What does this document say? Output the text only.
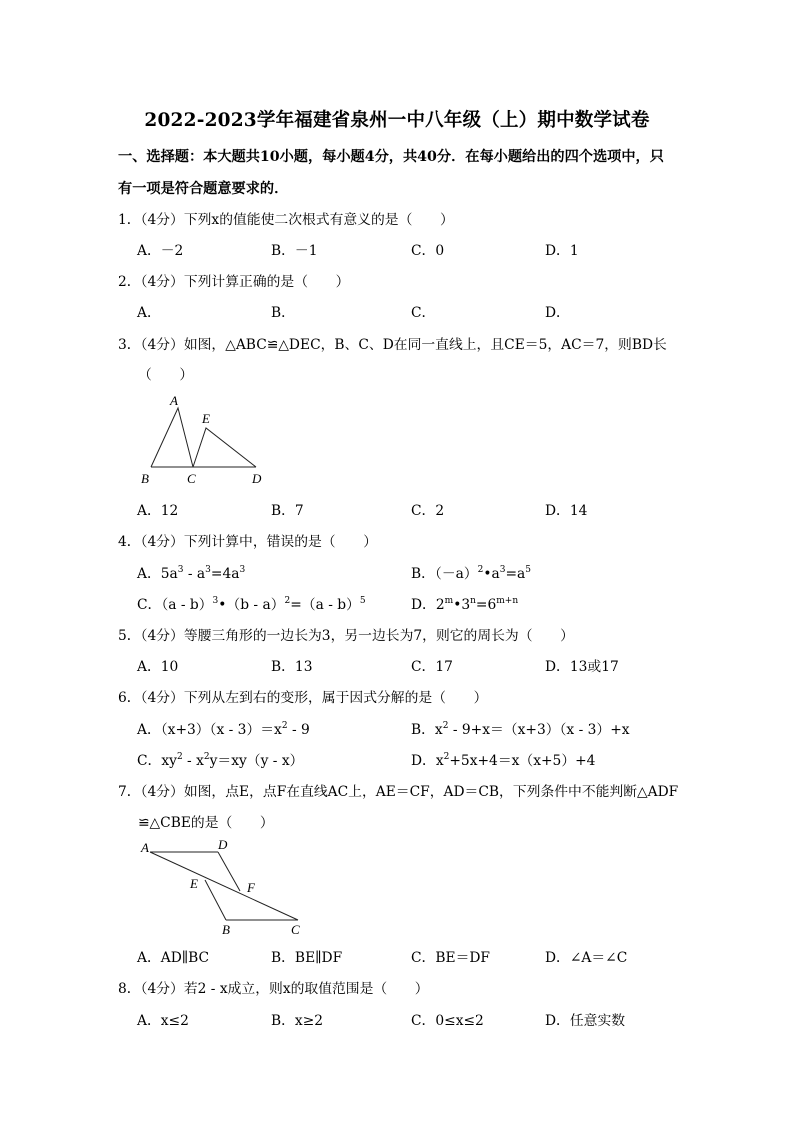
2022-2023学年福建省泉州一中八年级（上）期中数学试卷
一、选择题：本大题共10小题，每小题4分，共40分．在每小题给出的四个选项中，只
有一项是符合题意要求的．
1．（4分）下列x的值能使二次根式有意义的是（　　）
A．－2	B．－1	C．0	D．1
2．（4分）下列计算正确的是（　　）
A．	B．	C．	D．
3．（4分）如图，△ABC≌△DEC，B、C、D在同一直线上，且CE＝5，AC＝7，则BD长
（　　）
A
E
B	C	D
A．12	B．7	C．2	D．14
4．（4分）下列计算中，错误的是（　　）
A．$5a^3 - a^3=4a^3$	B．$(-a)^2•a^3=a^5$
C．（a - b）$^3$•（b - a）$^2$=（a - b）$^5$	D．$2^m•3^n=6^{m+n}$
5．（4分）等腰三角形的一边长为3，另一边长为7，则它的周长为（　　）
A．10	B．13	C．17	D．13或17
6．（4分）下列从左到右的变形，属于因式分解的是（　　）
A．$(x+3)(x - 3)=x^2 - 9$	B．$x^2 - 9+x=(x+3)(x - 3)+x$
C．$xy^2 - x^2y=xy(y - x)$	D．$x^2+5x+4=x(x+5)+4$
7．（4分）如图，点E，点F在直线AC上，AE＝CF，AD＝CB，下列条件中不能判断△ADF
≌△CBE的是（　　）
A	D
E	F
B	C
A．AD∥BC	B．BE∥DF	C．BE＝DF	D．∠A＝∠C
8．（4分）若2 - x成立，则x的取值范围是（　　）
A．x≤2	B．x≥2	C．0≤x≤2	D．任意实数
